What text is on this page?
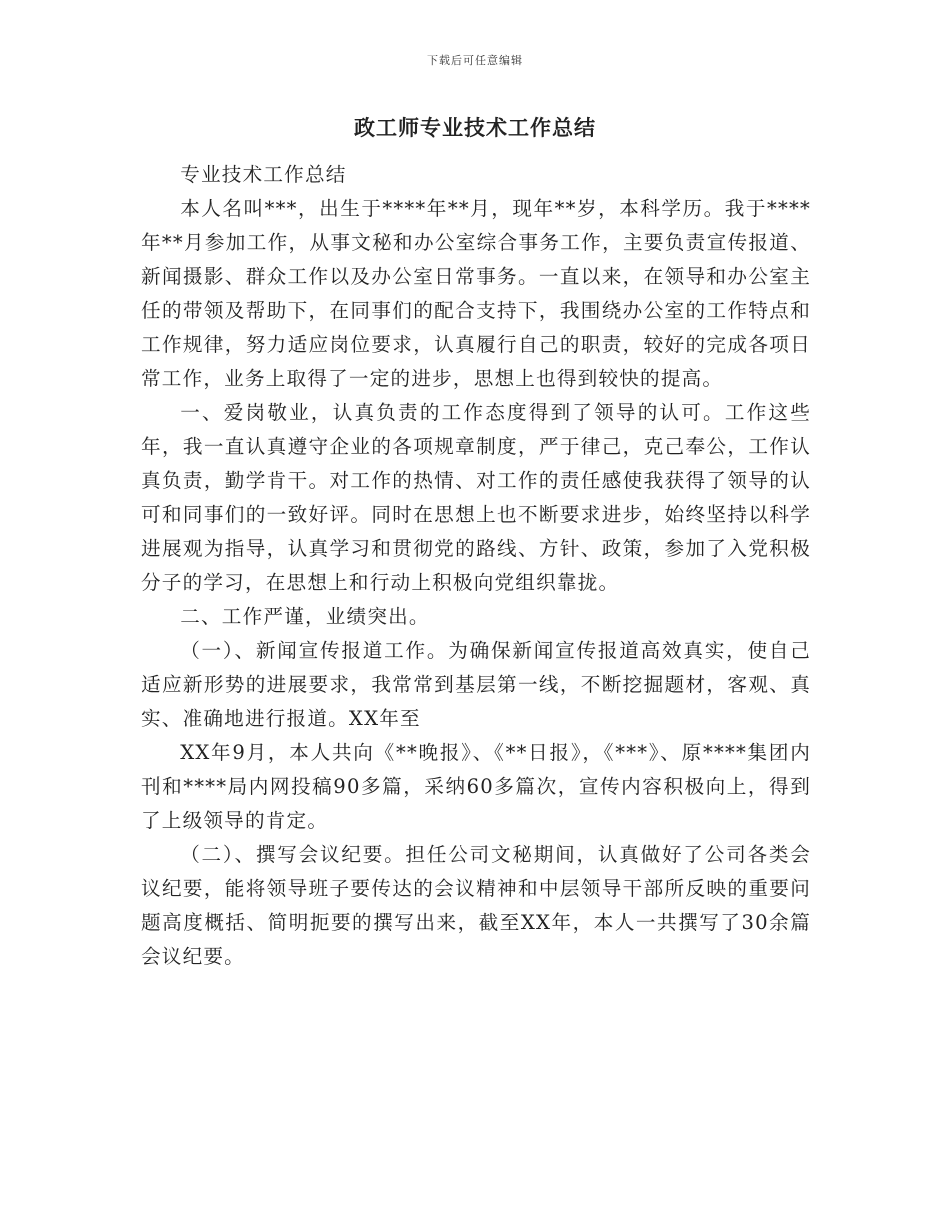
下载后可任意编辑
政工师专业技术工作总结

专业技术工作总结

本人名叫***，出生于****年**月，现年**岁，本科学历。我于****年**月参加工作，从事文秘和办公室综合事务工作，主要负责宣传报道、新闻摄影、群众工作以及办公室日常事务。一直以来，在领导和办公室主任的带领及帮助下，在同事们的配合支持下，我围绕办公室的工作特点和工作规律，努力适应岗位要求，认真履行自己的职责，较好的完成各项日常工作，业务上取得了一定的进步，思想上也得到较快的提高。

一、爱岗敬业，认真负责的工作态度得到了领导的认可。工作这些年，我一直认真遵守企业的各项规章制度，严于律己，克己奉公，工作认真负责，勤学肯干。对工作的热情、对工作的责任感使我获得了领导的认可和同事们的一致好评。同时在思想上也不断要求进步，始终坚持以科学进展观为指导，认真学习和贯彻党的路线、方针、政策，参加了入党积极分子的学习，在思想上和行动上积极向党组织靠拢。

二、工作严谨，业绩突出。

（一）、新闻宣传报道工作。为确保新闻宣传报道高效真实，使自己适应新形势的进展要求，我常常到基层第一线，不断挖掘题材，客观、真实、准确地进行报道。XX年至

XX年9月，本人共向《**晚报》、《**日报》，《***》、原****集团内刊和****局内网投稿90多篇，采纳60多篇次，宣传内容积极向上，得到了上级领导的肯定。

（二）、撰写会议纪要。担任公司文秘期间，认真做好了公司各类会议纪要，能将领导班子要传达的会议精神和中层领导干部所反映的重要问题高度概括、简明扼要的撰写出来，截至XX年，本人一共撰写了30余篇会议纪要。
